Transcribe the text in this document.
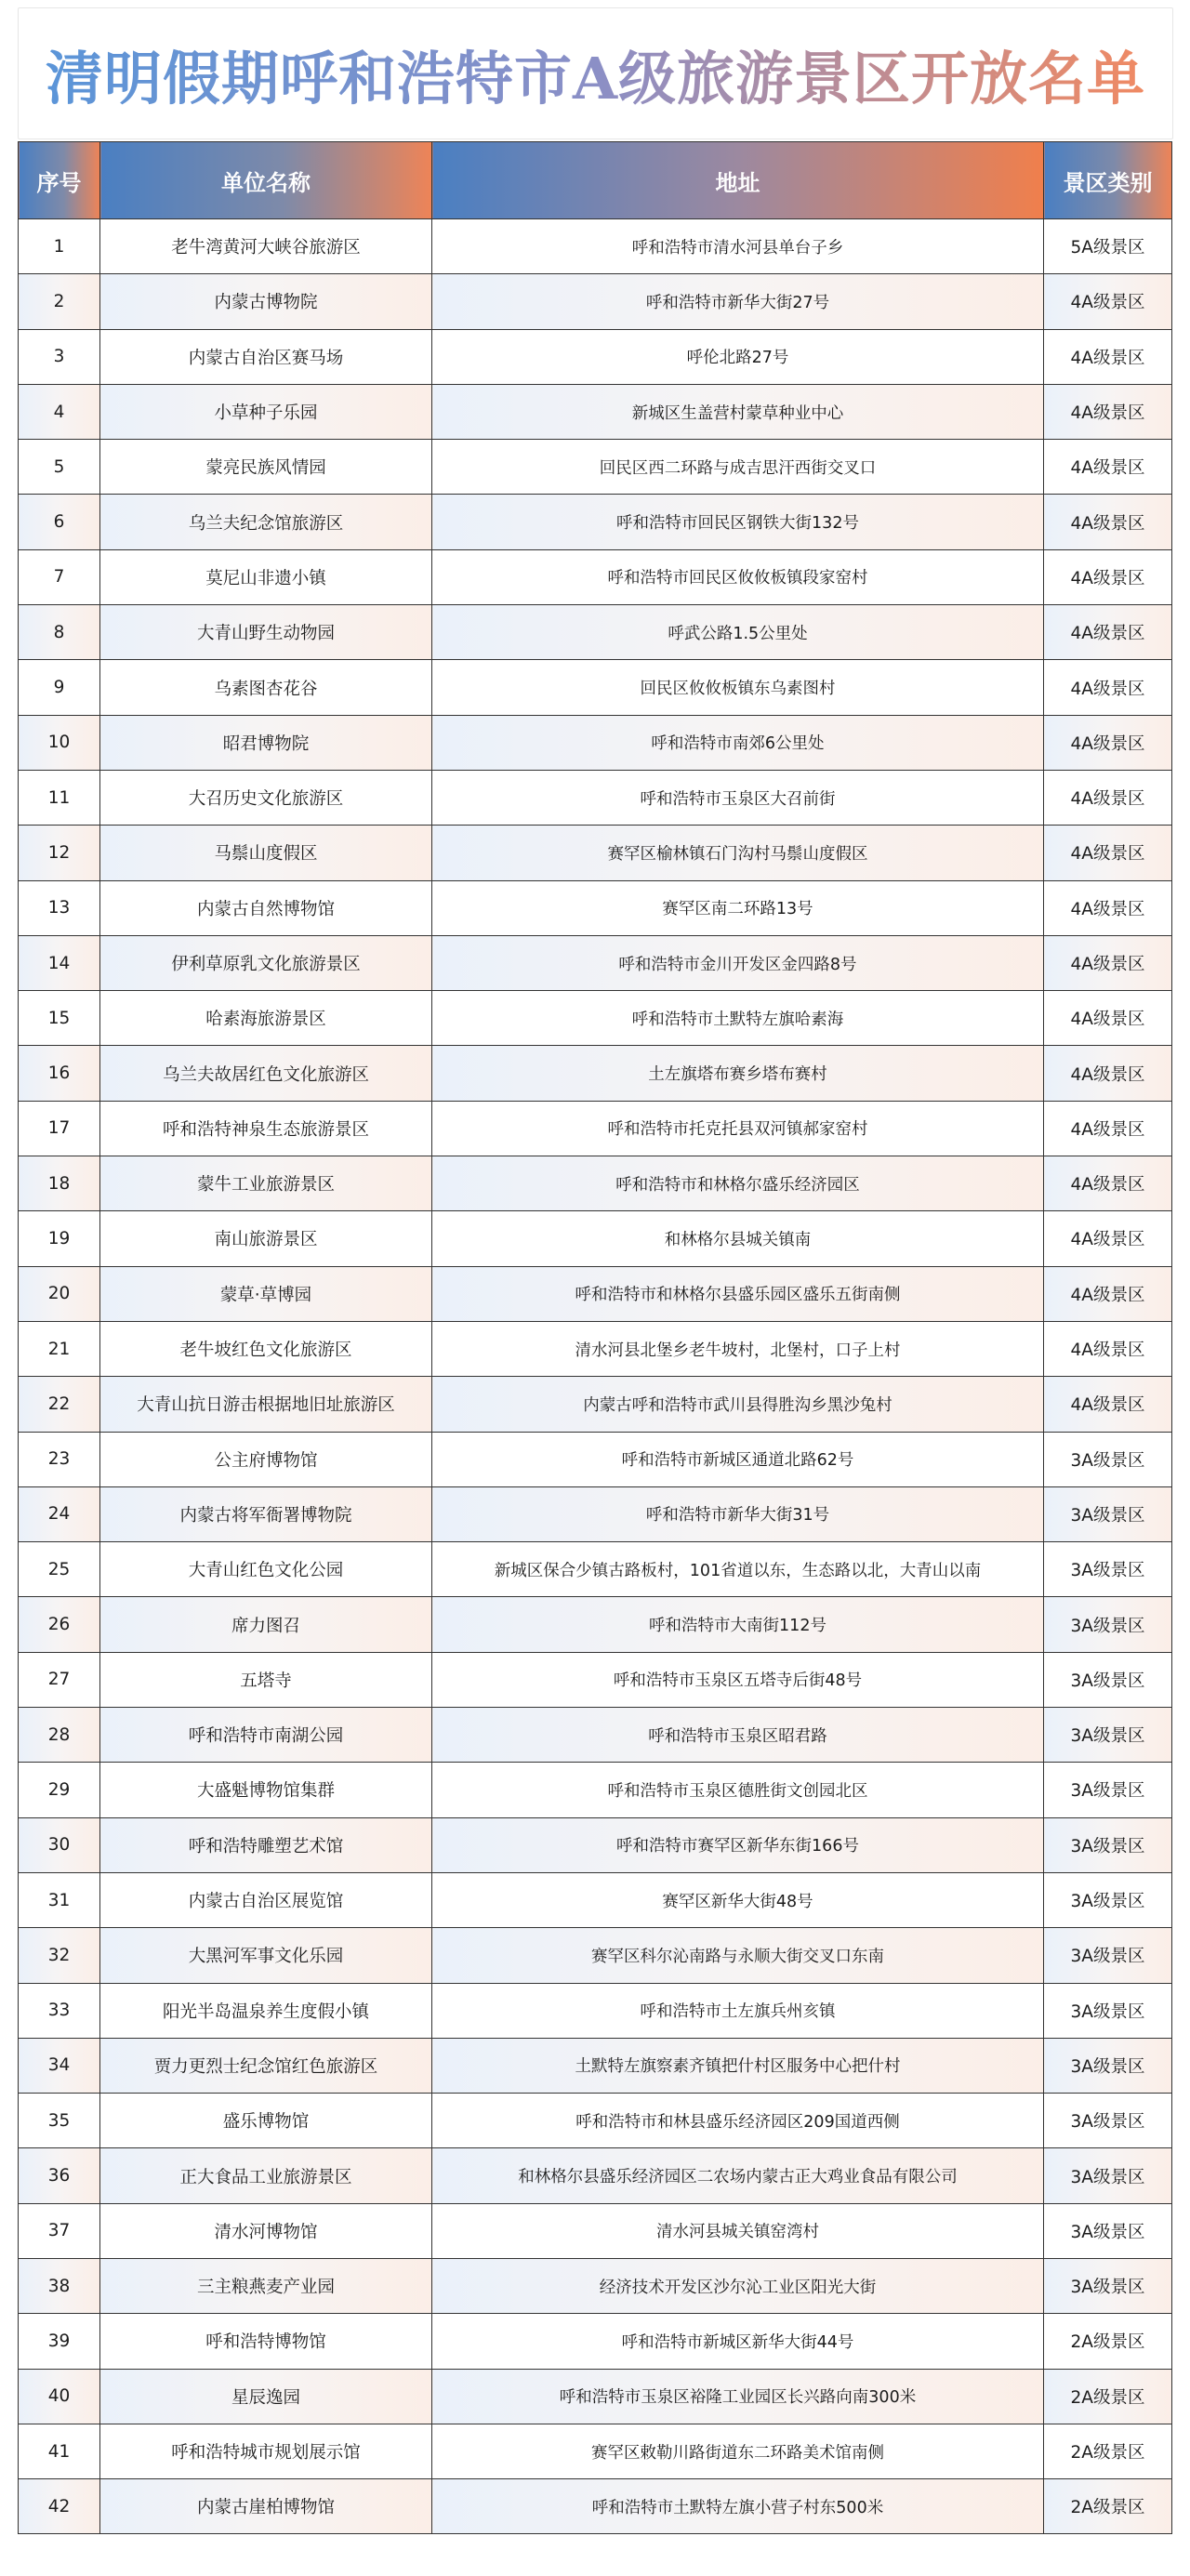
清明假期呼和浩特市A级旅游景区开放名单
序号	单位名称	地址	景区类别
1	老牛湾黄河大峡谷旅游区	呼和浩特市清水河县单台子乡	5A级景区
2	内蒙古博物院	呼和浩特市新华大街27号	4A级景区
3	内蒙古自治区赛马场	呼伦北路27号	4A级景区
4	小草种子乐园	新城区生盖营村蒙草种业中心	4A级景区
5	蒙亮民族风情园	回民区西二环路与成吉思汗西街交叉口	4A级景区
6	乌兰夫纪念馆旅游区	呼和浩特市回民区钢铁大街132号	4A级景区
7	莫尼山非遗小镇	呼和浩特市回民区攸攸板镇段家窑村	4A级景区
8	大青山野生动物园	呼武公路1.5公里处	4A级景区
9	乌素图杏花谷	回民区攸攸板镇东乌素图村	4A级景区
10	昭君博物院	呼和浩特市南郊6公里处	4A级景区
11	大召历史文化旅游区	呼和浩特市玉泉区大召前街	4A级景区
12	马鬃山度假区	赛罕区榆林镇石门沟村马鬃山度假区	4A级景区
13	内蒙古自然博物馆	赛罕区南二环路13号	4A级景区
14	伊利草原乳文化旅游景区	呼和浩特市金川开发区金四路8号	4A级景区
15	哈素海旅游景区	呼和浩特市土默特左旗哈素海	4A级景区
16	乌兰夫故居红色文化旅游区	土左旗塔布赛乡塔布赛村	4A级景区
17	呼和浩特神泉生态旅游景区	呼和浩特市托克托县双河镇郝家窑村	4A级景区
18	蒙牛工业旅游景区	呼和浩特市和林格尔盛乐经济园区	4A级景区
19	南山旅游景区	和林格尔县城关镇南	4A级景区
20	蒙草·草博园	呼和浩特市和林格尔县盛乐园区盛乐五街南侧	4A级景区
21	老牛坡红色文化旅游区	清水河县北堡乡老牛坡村，北堡村，口子上村	4A级景区
22	大青山抗日游击根据地旧址旅游区	内蒙古呼和浩特市武川县得胜沟乡黑沙兔村	4A级景区
23	公主府博物馆	呼和浩特市新城区通道北路62号	3A级景区
24	内蒙古将军衙署博物院	呼和浩特市新华大街31号	3A级景区
25	大青山红色文化公园	新城区保合少镇古路板村，101省道以东，生态路以北，大青山以南	3A级景区
26	席力图召	呼和浩特市大南街112号	3A级景区
27	五塔寺	呼和浩特市玉泉区五塔寺后街48号	3A级景区
28	呼和浩特市南湖公园	呼和浩特市玉泉区昭君路	3A级景区
29	大盛魁博物馆集群	呼和浩特市玉泉区德胜街文创园北区	3A级景区
30	呼和浩特雕塑艺术馆	呼和浩特市赛罕区新华东街166号	3A级景区
31	内蒙古自治区展览馆	赛罕区新华大街48号	3A级景区
32	大黑河军事文化乐园	赛罕区科尔沁南路与永顺大街交叉口东南	3A级景区
33	阳光半岛温泉养生度假小镇	呼和浩特市土左旗兵州亥镇	3A级景区
34	贾力更烈士纪念馆红色旅游区	土默特左旗察素齐镇把什村区服务中心把什村	3A级景区
35	盛乐博物馆	呼和浩特市和林县盛乐经济园区209国道西侧	3A级景区
36	正大食品工业旅游景区	和林格尔县盛乐经济园区二农场内蒙古正大鸡业食品有限公司	3A级景区
37	清水河博物馆	清水河县城关镇窑湾村	3A级景区
38	三主粮燕麦产业园	经济技术开发区沙尔沁工业区阳光大街	3A级景区
39	呼和浩特博物馆	呼和浩特市新城区新华大街44号	2A级景区
40	星辰逸园	呼和浩特市玉泉区裕隆工业园区长兴路向南300米	2A级景区
41	呼和浩特城市规划展示馆	赛罕区敕勒川路街道东二环路美术馆南侧	2A级景区
42	内蒙古崖柏博物馆	呼和浩特市土默特左旗小营子村东500米	2A级景区
